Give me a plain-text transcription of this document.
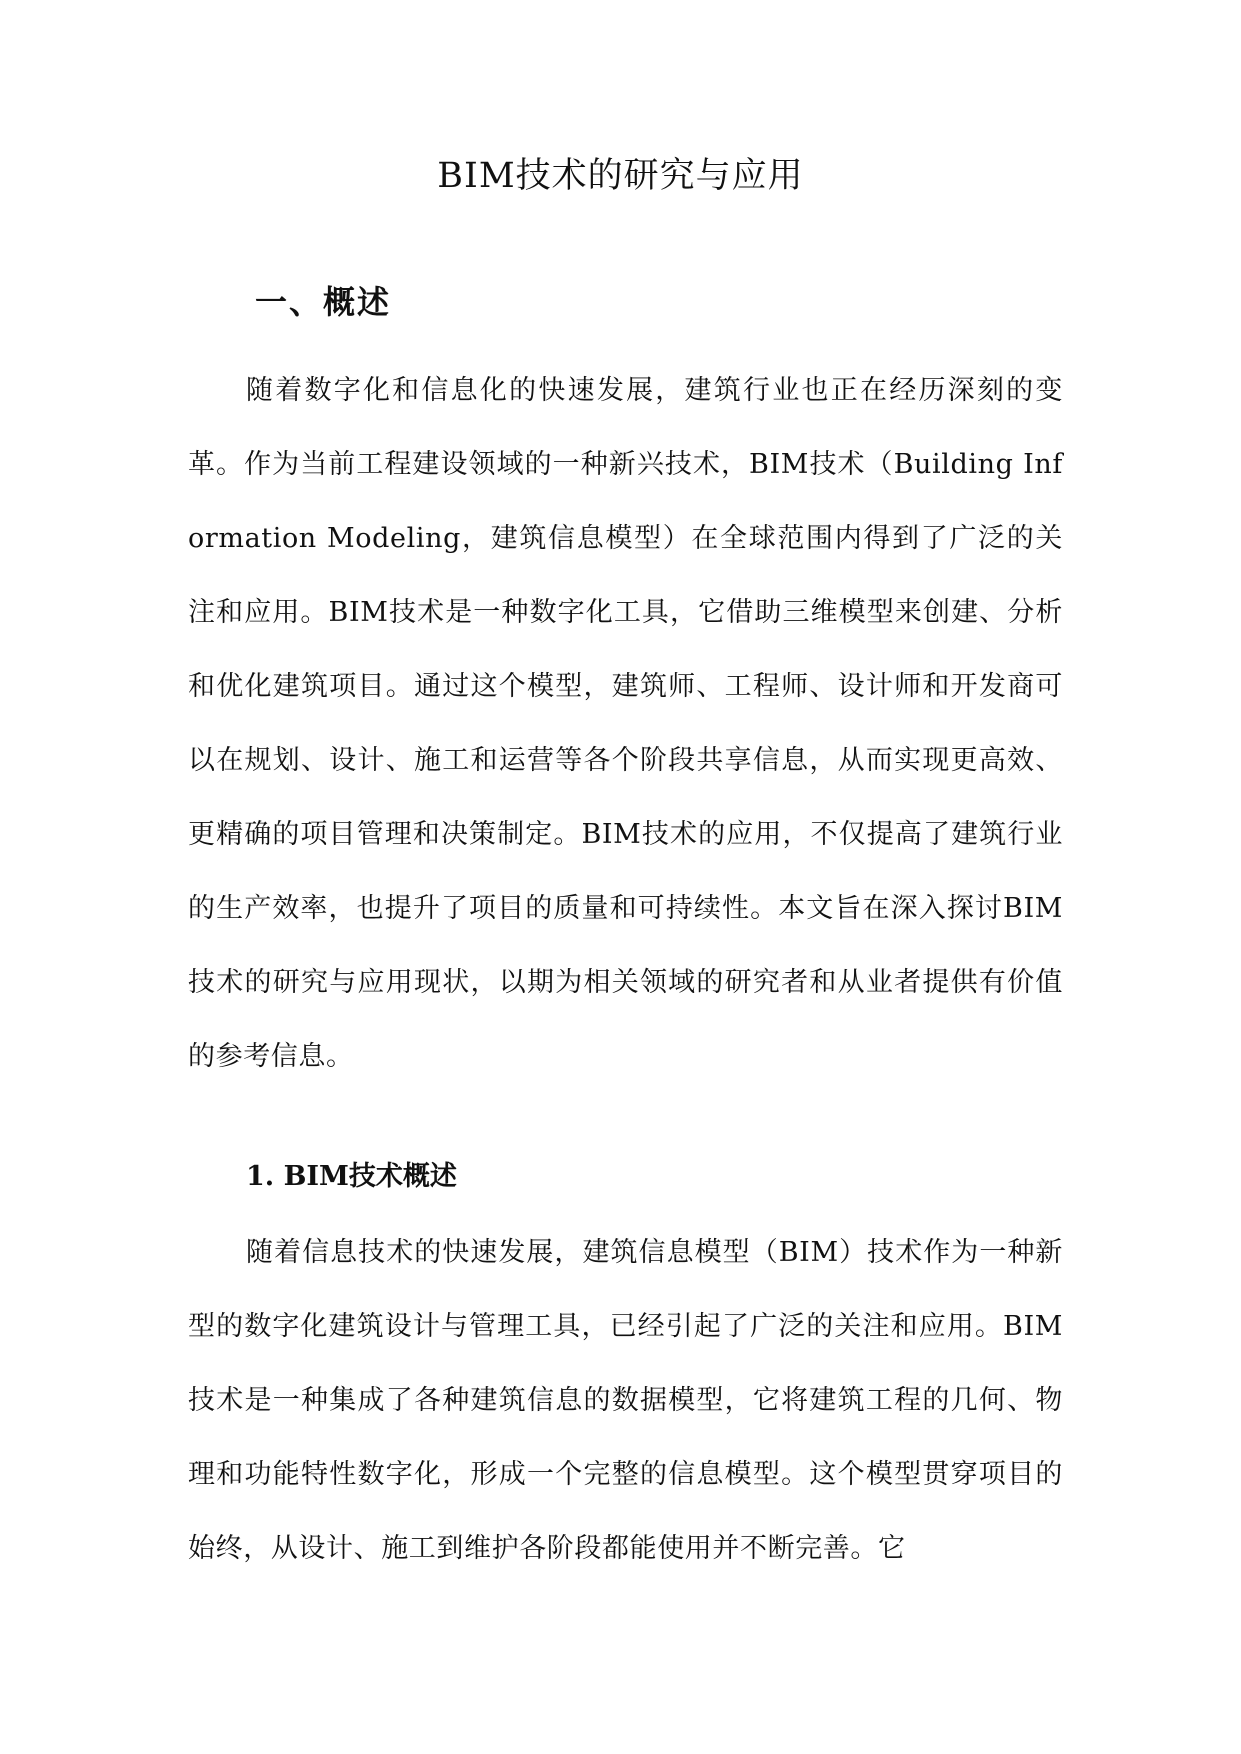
BIM技术的研究与应用
一、概述

随着数字化和信息化的快速发展，建筑行业也正在经历深刻的变革。作为当前工程建设领域的一种新兴技术，BIM技术（Building Information Modeling，建筑信息模型）在全球范围内得到了广泛的关注和应用。BIM技术是一种数字化工具，它借助三维模型来创建、分析和优化建筑项目。通过这个模型，建筑师、工程师、设计师和开发商可以在规划、设计、施工和运营等各个阶段共享信息，从而实现更高效、更精确的项目管理和决策制定。BIM技术的应用，不仅提高了建筑行业的生产效率，也提升了项目的质量和可持续性。本文旨在深入探讨BIM技术的研究与应用现状，以期为相关领域的研究者和从业者提供有价值的参考信息。

1. BIM技术概述

随着信息技术的快速发展，建筑信息模型（BIM）技术作为一种新型的数字化建筑设计与管理工具，已经引起了广泛的关注和应用。BIM技术是一种集成了各种建筑信息的数据模型，它将建筑工程的几何、物理和功能特性数字化，形成一个完整的信息模型。这个模型贯穿项目的始终，从设计、施工到维护各阶段都能使用并不断完善。它
